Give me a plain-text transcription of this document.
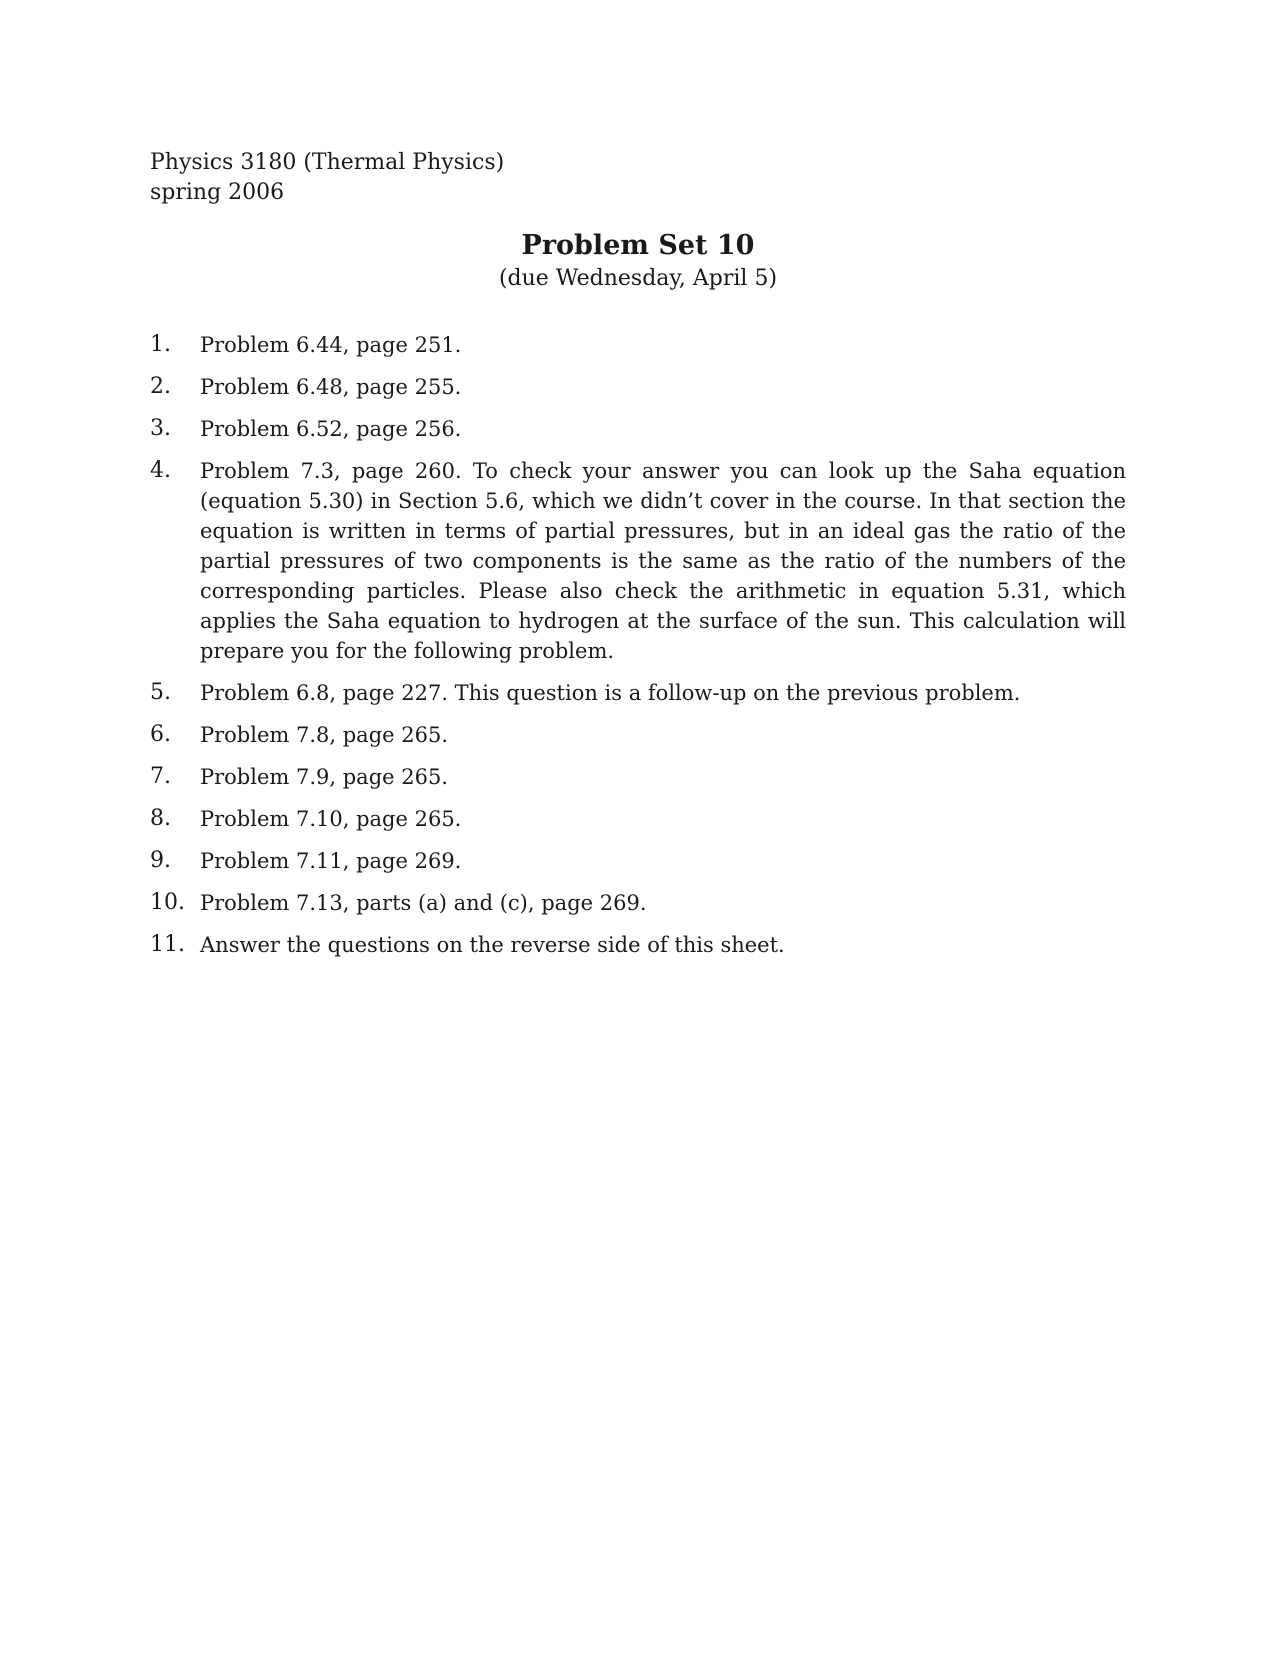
Physics 3180 (Thermal Physics)
spring 2006
Problem Set 10
(due Wednesday, April 5)
1.	Problem 6.44, page 251.
2.	Problem 6.48, page 255.
3.	Problem 6.52, page 256.
4.	Problem 7.3, page 260. To check your answer you can look up the Saha equation (equation 5.30) in Section 5.6, which we didn’t cover in the course. In that section the equation is written in terms of partial pressures, but in an ideal gas the ratio of the partial pressures of two components is the same as the ratio of the numbers of the corresponding particles. Please also check the arithmetic in equation 5.31, which applies the Saha equation to hydrogen at the surface of the sun. This calculation will prepare you for the following problem.
5.	Problem 6.8, page 227. This question is a follow-up on the previous problem.
6.	Problem 7.8, page 265.
7.	Problem 7.9, page 265.
8.	Problem 7.10, page 265.
9.	Problem 7.11, page 269.
10. Problem 7.13, parts (a) and (c), page 269.
11. Answer the questions on the reverse side of this sheet.
